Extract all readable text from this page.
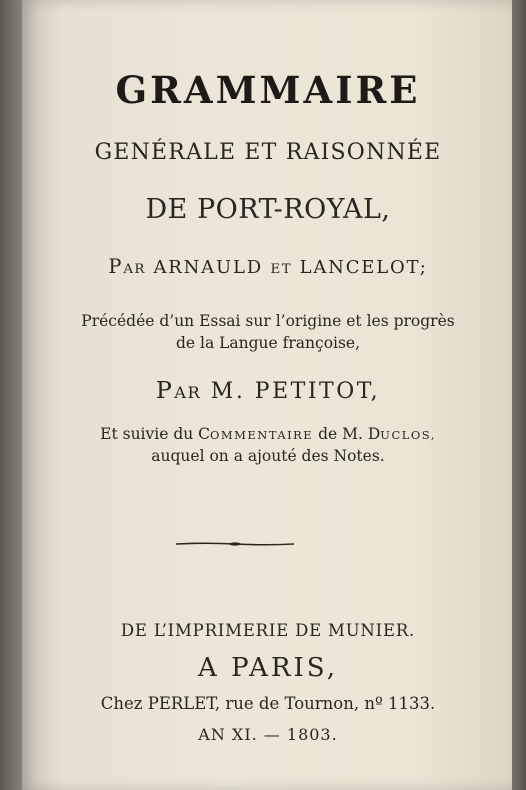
GRAMMAIRE
GENÉRALE ET RAISONNÉE
DE PORT-ROYAL,
PAR ARNAULD ET LANCELOT;
Précédée d’un Essai sur l’origine et les progrès
de la Langue françoise,
PAR M. PETITOT,
Et suivie du COMMENTAIRE de M. DUCLOS,
auquel on a ajouté des Notes.
DE L’IMPRIMERIE DE MUNIER.
A PARIS,
Chez PERLET, rue de Tournon, nº 1133.
AN XI. — 1803.
